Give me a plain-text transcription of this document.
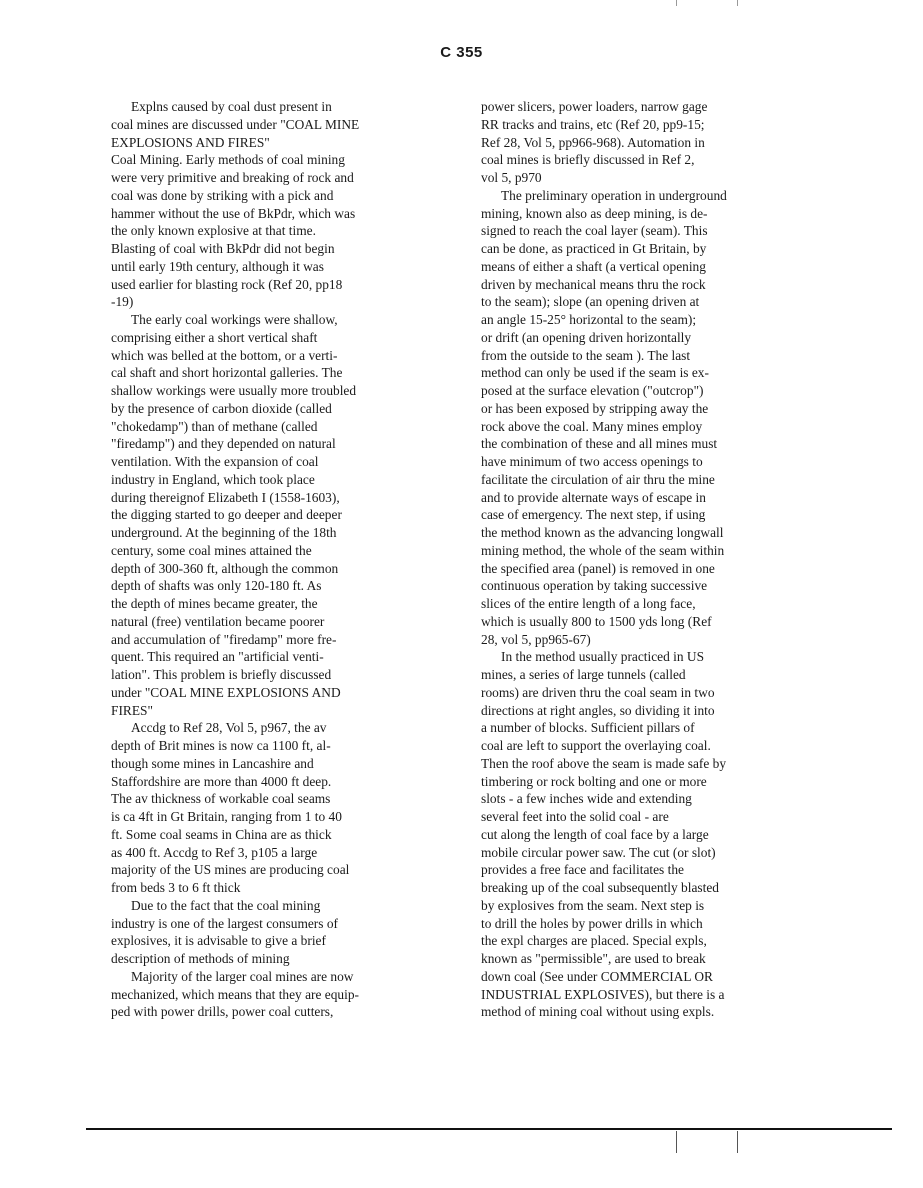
C 355
Explns caused by coal dust present in
coal mines are discussed under "COAL MINE
EXPLOSIONS AND FIRES"
Coal Mining. Early methods of coal mining
were very primitive and breaking of rock and
coal was done by striking with a pick and
hammer without the use of BkPdr, which was
the only known explosive at that time.
Blasting of coal with BkPdr did not begin
until early 19th century, although it was
used earlier for blasting rock (Ref 20, pp18
-19)
The early coal workings were shallow,
comprising either a short vertical shaft
which was belled at the bottom, or a verti-
cal shaft and short horizontal galleries. The
shallow workings were usually more troubled
by the presence of carbon dioxide (called
"chokedamp") than of methane (called
"firedamp") and they depended on natural
ventilation. With the expansion of coal
industry in England, which took place
during thereignof Elizabeth I (1558-1603),
the digging started to go deeper and deeper
underground. At the beginning of the 18th
century, some coal mines attained the
depth of 300-360 ft, although the common
depth of shafts was only 120-180 ft. As
the depth of mines became greater, the
natural (free) ventilation became poorer
and accumulation of "firedamp" more fre-
quent. This required an "artificial venti-
lation". This problem is briefly discussed
under "COAL MINE EXPLOSIONS AND
FIRES"
Accdg to Ref 28, Vol 5, p967, the av
depth of Brit mines is now ca 1100 ft, al-
though some mines in Lancashire and
Staffordshire are more than 4000 ft deep.
The av thickness of workable coal seams
is ca 4ft in Gt Britain, ranging from 1 to 40
ft. Some coal seams in China are as thick
as 400 ft. Accdg to Ref 3, p105 a large
majority of the US mines are producing coal
from beds 3 to 6 ft thick
Due to the fact that the coal mining
industry is one of the largest consumers of
explosives, it is advisable to give a brief
description of methods of mining
Majority of the larger coal mines are now
mechanized, which means that they are equip-
ped with power drills, power coal cutters,
power slicers, power loaders, narrow gage
RR tracks and trains, etc (Ref 20, pp9-15;
Ref 28, Vol 5, pp966-968). Automation in
coal mines is briefly discussed in Ref 2,
vol 5, p970
The preliminary operation in underground
mining, known also as deep mining, is de-
signed to reach the coal layer (seam). This
can be done, as practiced in Gt Britain, by
means of either a shaft (a vertical opening
driven by mechanical means thru the rock
to the seam); slope (an opening driven at
an angle 15-25° horizontal to the seam);
or drift (an opening driven horizontally
from the outside to the seam ). The last
method can only be used if the seam is ex-
posed at the surface elevation ("outcrop")
or has been exposed by stripping away the
rock above the coal. Many mines employ
the combination of these and all mines must
have minimum of two access openings to
facilitate the circulation of air thru the mine
and to provide alternate ways of escape in
case of emergency. The next step, if using
the method known as the advancing longwall
mining method, the whole of the seam within
the specified area (panel) is removed in one
continuous operation by taking successive
slices of the entire length of a long face,
which is usually 800 to 1500 yds long (Ref
28, vol 5, pp965-67)
In the method usually practiced in US
mines, a series of large tunnels (called
rooms) are driven thru the coal seam in two
directions at right angles, so dividing it into
a number of blocks. Sufficient pillars of
coal are left to support the overlaying coal.
Then the roof above the seam is made safe by
timbering or rock bolting and one or more
slots - a few inches wide and extending
several feet into the solid coal - are
cut along the length of coal face by a large
mobile circular power saw. The cut (or slot)
provides a free face and facilitates the
breaking up of the coal subsequently blasted
by explosives from the seam. Next step is
to drill the holes by power drills in which
the expl charges are placed. Special expls,
known as "permissible", are used to break
down coal (See under COMMERCIAL OR
INDUSTRIAL EXPLOSIVES), but there is a
method of mining coal without using expls.
